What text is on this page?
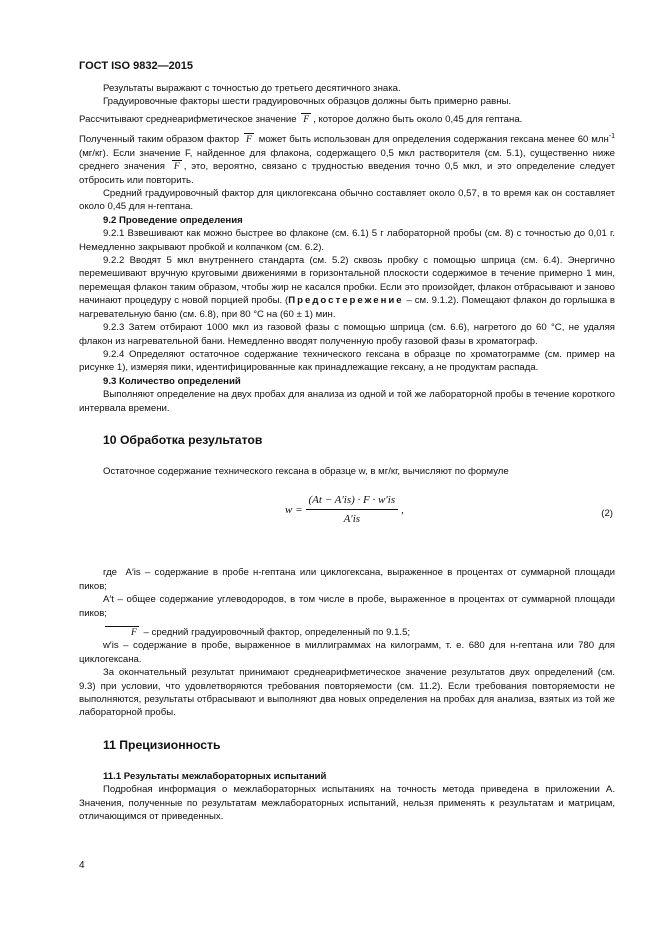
ГОСТ ISO 9832—2015

Результаты выражают с точностью до третьего десятичного знака.

Градуировочные факторы шести градуировочных образцов должны быть примерно равны.

Рассчитывают среднеарифметическое значение F , которое должно быть около 0,45 для гептана.

Полученный таким образом фактор F может быть использован для определения содержания гексана менее 60 млн$^{-1}$ (мг/кг). Если значение F, найденное для флакона, содержащего 0,5 мкл растворителя (см. 5.1), существенно ниже среднего значения F , это, вероятно, связано с трудностью введения точно 0,5 мкл, и это определение следует отбросить или повторить.

Средний градуировочный фактор для циклогексана обычно составляет около 0,57, в то время как он составляет около 0,45 для н-гептана.

9.2 Проведение определения

9.2.1 Взвешивают как можно быстрее во флаконе (см. 6.1) 5 г лабораторной пробы (см. 8) с точностью до 0,01 г. Немедленно закрывают пробкой и колпачком (см. 6.2).

9.2.2 Вводят 5 мкл внутреннего стандарта (см. 5.2) сквозь пробку с помощью шприца (см. 6.4). Энергично перемешивают вручную круговыми движениями в горизонтальной плоскости содержимое в течение примерно 1 мин, перемещая флакон таким образом, чтобы жир не касался пробки. Если это произойдет, флакон отбрасывают и заново начинают процедуру с новой порцией пробы. (Предостережение – см. 9.1.2). Помещают флакон до горлышка в нагревательную баню (см. 6.8), при 80 °С на (60 ± 1) мин.

9.2.3 Затем отбирают 1000 мкл из газовой фазы с помощью шприца (см. 6.6), нагретого до 60 °С, не удаляя флакон из нагревательной бани. Немедленно вводят полученную пробу газовой фазы в хроматограф.

9.2.4 Определяют остаточное содержание технического гексана в образце по хроматограмме (см. пример на рисунке 1), измеряя пики, идентифицированные как принадлежащие гексану, а не продуктам распада.

9.3 Количество определений

Выполняют определение на двух пробах для анализа из одной и той же лабораторной пробы в течение короткого интервала времени.

10 Обработка результатов

Остаточное содержание технического гексана в образце w, в мг/кг, вычисляют по формуле

$w = \frac{(At - A'is) \cdot F \cdot w'is}{A'is}$ ,	(2)

где A′is – содержание в пробе н-гептана или циклогексана, выраженное в процентах от суммарной площади пиков;

A′t – общее содержание углеводородов, в том числе в пробе, выраженное в процентах от суммарной площади пиков;

F – средний градуировочный фактор, определенный по 9.1.5;

w′is – содержание в пробе, выраженное в миллиграммах на килограмм, т. е. 680 для н-гептана или 780 для циклогексана.

За окончательный результат принимают среднеарифметическое значение результатов двух определений (см. 9.3) при условии, что удовлетворяются требования повторяемости (см. 11.2). Если требования повторяемости не выполняются, результаты отбрасывают и выполняют два новых определения на пробах для анализа, взятых из той же лабораторной пробы.

11 Прецизионность
11.1 Результаты межлабораторных испытаний

Подробная информация о межлабораторных испытаниях на точность метода приведена в приложении А. Значения, полученные по результатам межлабораторных испытаний, нельзя применять к результатам и матрицам, отличающимся от приведенных.

4
